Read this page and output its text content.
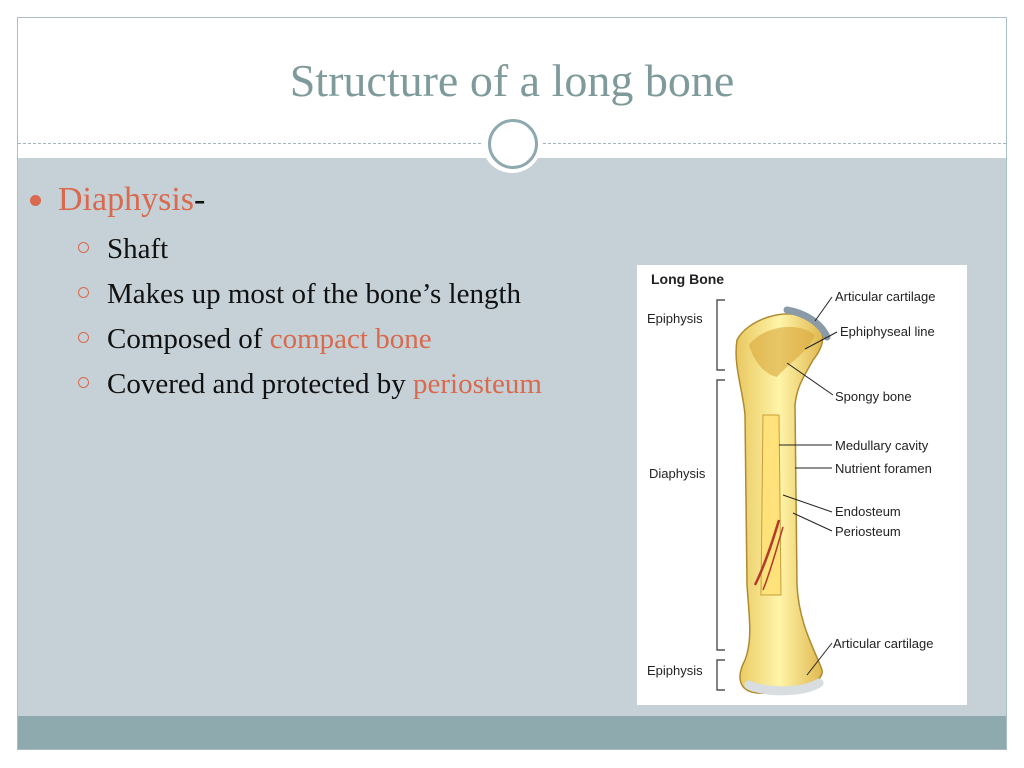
Structure of a long bone
Diaphysis-
Shaft
Makes up most of the bone’s length
Composed of compact bone
Covered and protected by periosteum
Long Bone
Epiphysis
Diaphysis
Epiphysis
Articular cartilage
Ephiphyseal line
Spongy bone
Medullary cavity
Nutrient foramen
Endosteum
Periosteum
Articular cartilage
